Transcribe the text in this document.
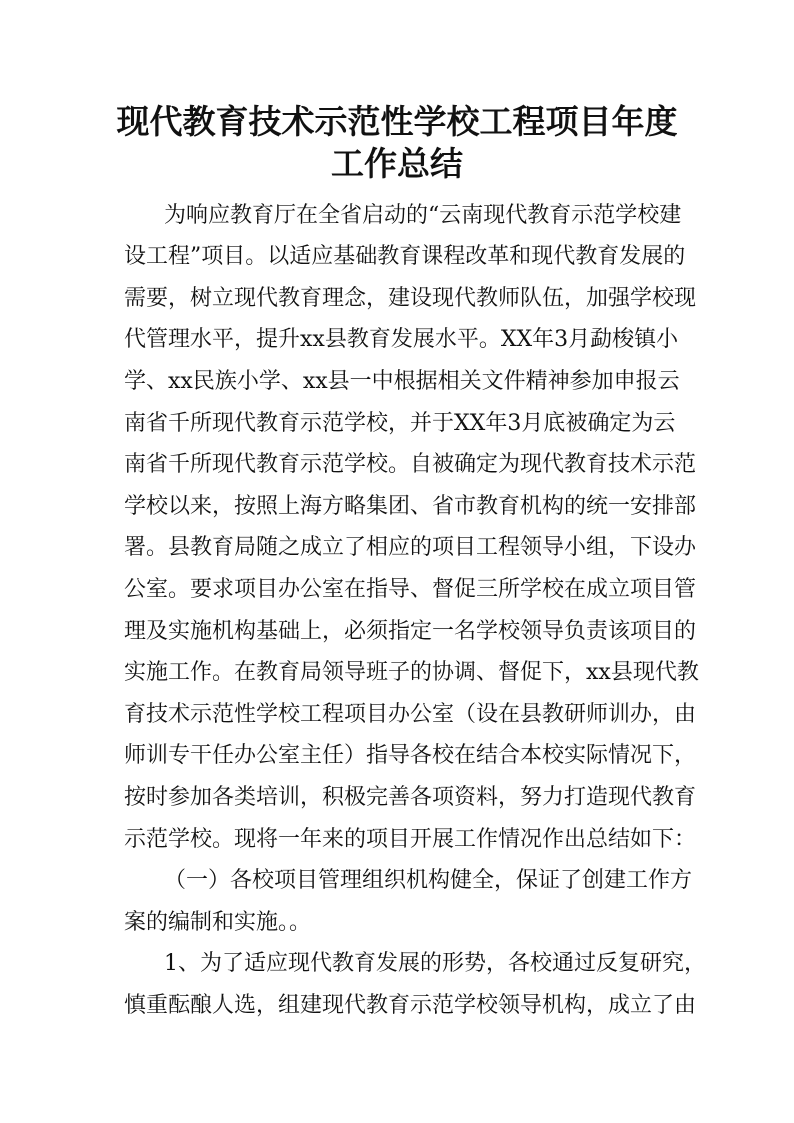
现代教育技术示范性学校工程项目年度
工作总结

为响应教育厅在全省启动的“云南现代教育示范学校建

设工程”项目。以适应基础教育课程改革和现代教育发展的

需要，树立现代教育理念，建设现代教师队伍，加强学校现

代管理水平，提升xx县教育发展水平。XX年3月勐梭镇小

学、xx民族小学、xx县一中根据相关文件精神参加申报云

南省千所现代教育示范学校，并于XX年3月底被确定为云

南省千所现代教育示范学校。自被确定为现代教育技术示范

学校以来，按照上海方略集团、省市教育机构的统一安排部

署。县教育局随之成立了相应的项目工程领导小组，下设办

公室。要求项目办公室在指导、督促三所学校在成立项目管

理及实施机构基础上，必须指定一名学校领导负责该项目的

实施工作。在教育局领导班子的协调、督促下，xx县现代教

育技术示范性学校工程项目办公室（设在县教研师训办，由

师训专干任办公室主任）指导各校在结合本校实际情况下，

按时参加各类培训，积极完善各项资料，努力打造现代教育

示范学校。现将一年来的项目开展工作情况作出总结如下：

（一）各校项目管理组织机构健全，保证了创建工作方

案的编制和实施。。

1、为了适应现代教育发展的形势，各校通过反复研究，

慎重酝酿人选，组建现代教育示范学校领导机构，成立了由
